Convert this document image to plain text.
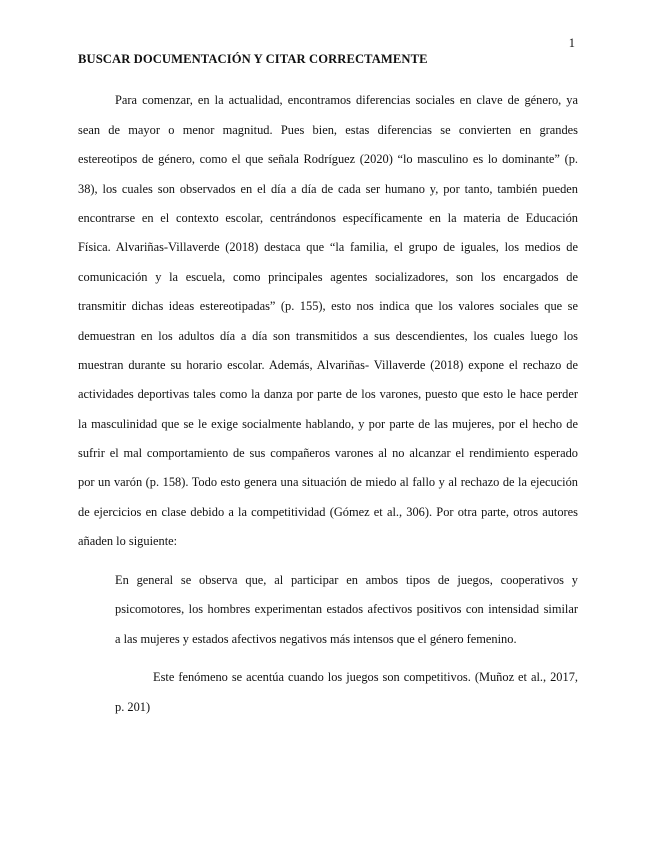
1
BUSCAR DOCUMENTACIÓN Y CITAR CORRECTAMENTE
Para comenzar, en la actualidad, encontramos diferencias sociales en clave de género, ya
sean de mayor o menor magnitud. Pues bien, estas diferencias se convierten en grandes
estereotipos de género, como el que señala Rodríguez (2020) “lo masculino es lo dominante” (p.
38), los cuales son observados en el día a día de cada ser humano y, por tanto, también pueden
encontrarse en el contexto escolar, centrándonos específicamente en la materia de Educación
Física. Alvariñas-Villaverde (2018) destaca que “la familia, el grupo de iguales, los medios de
comunicación y la escuela, como principales agentes socializadores, son los encargados de
transmitir dichas ideas estereotipadas” (p. 155), esto nos indica que los valores sociales que se
demuestran en los adultos día a día son transmitidos a sus descendientes, los cuales luego los
muestran durante su horario escolar. Además, Alvariñas- Villaverde (2018) expone el rechazo de
actividades deportivas tales como la danza por parte de los varones, puesto que esto le hace perder
la masculinidad que se le exige socialmente hablando, y por parte de las mujeres, por el hecho de
sufrir el mal comportamiento de sus compañeros varones al no alcanzar el rendimiento esperado
por un varón (p. 158). Todo esto genera una situación de miedo al fallo y al rechazo de la ejecución
de ejercicios en clase debido a la competitividad (Gómez et al., 306). Por otra parte, otros autores
añaden lo siguiente:
En general se observa que, al participar en ambos tipos de juegos, cooperativos y
psicomotores, los hombres experimentan estados afectivos positivos con intensidad similar
a las mujeres y estados afectivos negativos más intensos que el género femenino.
Este fenómeno se acentúa cuando los juegos son competitivos. (Muñoz et al., 2017,
p. 201)
